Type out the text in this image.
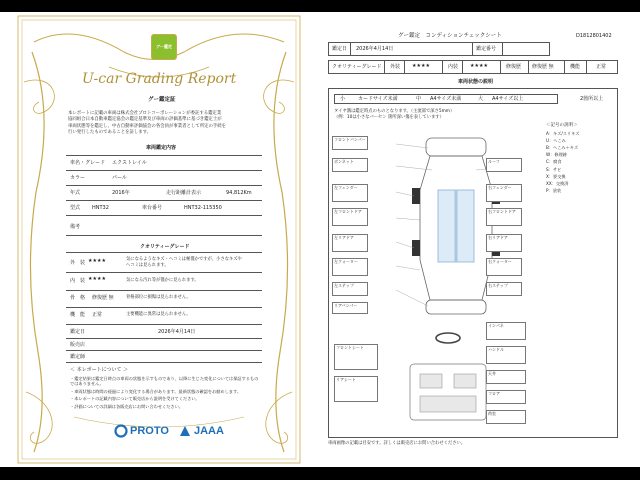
グー鑑定
U-car Grading Report
グー鑑定証
本レポートに記載の車両は株式会社プロトコーポレーションが委託する鑑定業
協同組合日本自動車鑑定協会の鑑定基準及び車両の評価基準に基づき鑑定士が
車両状態等を鑑定し、中古自動車評価協会の各会員が事業者として所定の手続を
行い発行したものであることを証します。
車両鑑定内容
車名・グレード エクストレイル
カラー	パール
年式	2016年	走行距離計表示	94,812Km
型式 HNT32	車台番号	HNT32-115350
備考
クオリティーグレード
外　装 ★★★★	気になるようなキズ・ヘコミは極僅かですが、小さなキズや
ヘコミは見られます。
内　装 ★★★★	気になる汚れ等が僅かに見られます。
骨　格 修復歴 無	骨格部位に損傷は見られません。
機　能 正常	主要機能に異常は見られません。
鑑定日	2026年4月14日
販売店
鑑定師
＜ 本レポートについて ＞
・鑑定結果は鑑定日時点の車両の状態を示すものであり、以降に生じた変化については保証するものではありません。
・車両状態は時間の経過により変化する場合があります。最新状態の確認をお勧めします。
・本レポートの記載内容について販売店から説明を受けてください。
・評価についての詳細は各販売店にお問い合わせください。
PROTO JAAA
グー鑑定　コンディションチェックシート	D1812801402
鑑定日 2026年4月14日	鑑定番号
クオリティーグレード 外装 ★★★★	内装 ★★★★	修復歴 修復歴 無	機能	正常
車両状態の説明
小	カードサイズ未満	中 A4サイズ未満	大 A4サイズ以上	2箇所以上
タイヤ溝は鑑定時点のものとなります。（主流部で深さ5mm）
（例：10は小さなバーセン 箇所深い傷を表しています）
＜記号の説明＞
A：キズ/スリキズ
U：へこみ
B：へこみ＋キズ
W：修理跡
C：腐食
S：サビ
X：要交換
XX：交換済
P：塗装
フロントバンパー
ボンネット
左フェンダー
左フロントドア
左リアドア
左クォーター
左ステップ
リアバンパー
ルーフ
右フェンダー
右フロントドア
右リアドア
右クォーター
右ステップ
フロントシート
リアシート
インパネ
ハンドル
天井
フロア
荷室
車両画像の記載は目安です。詳しくは販売店にお問い合わせください。
